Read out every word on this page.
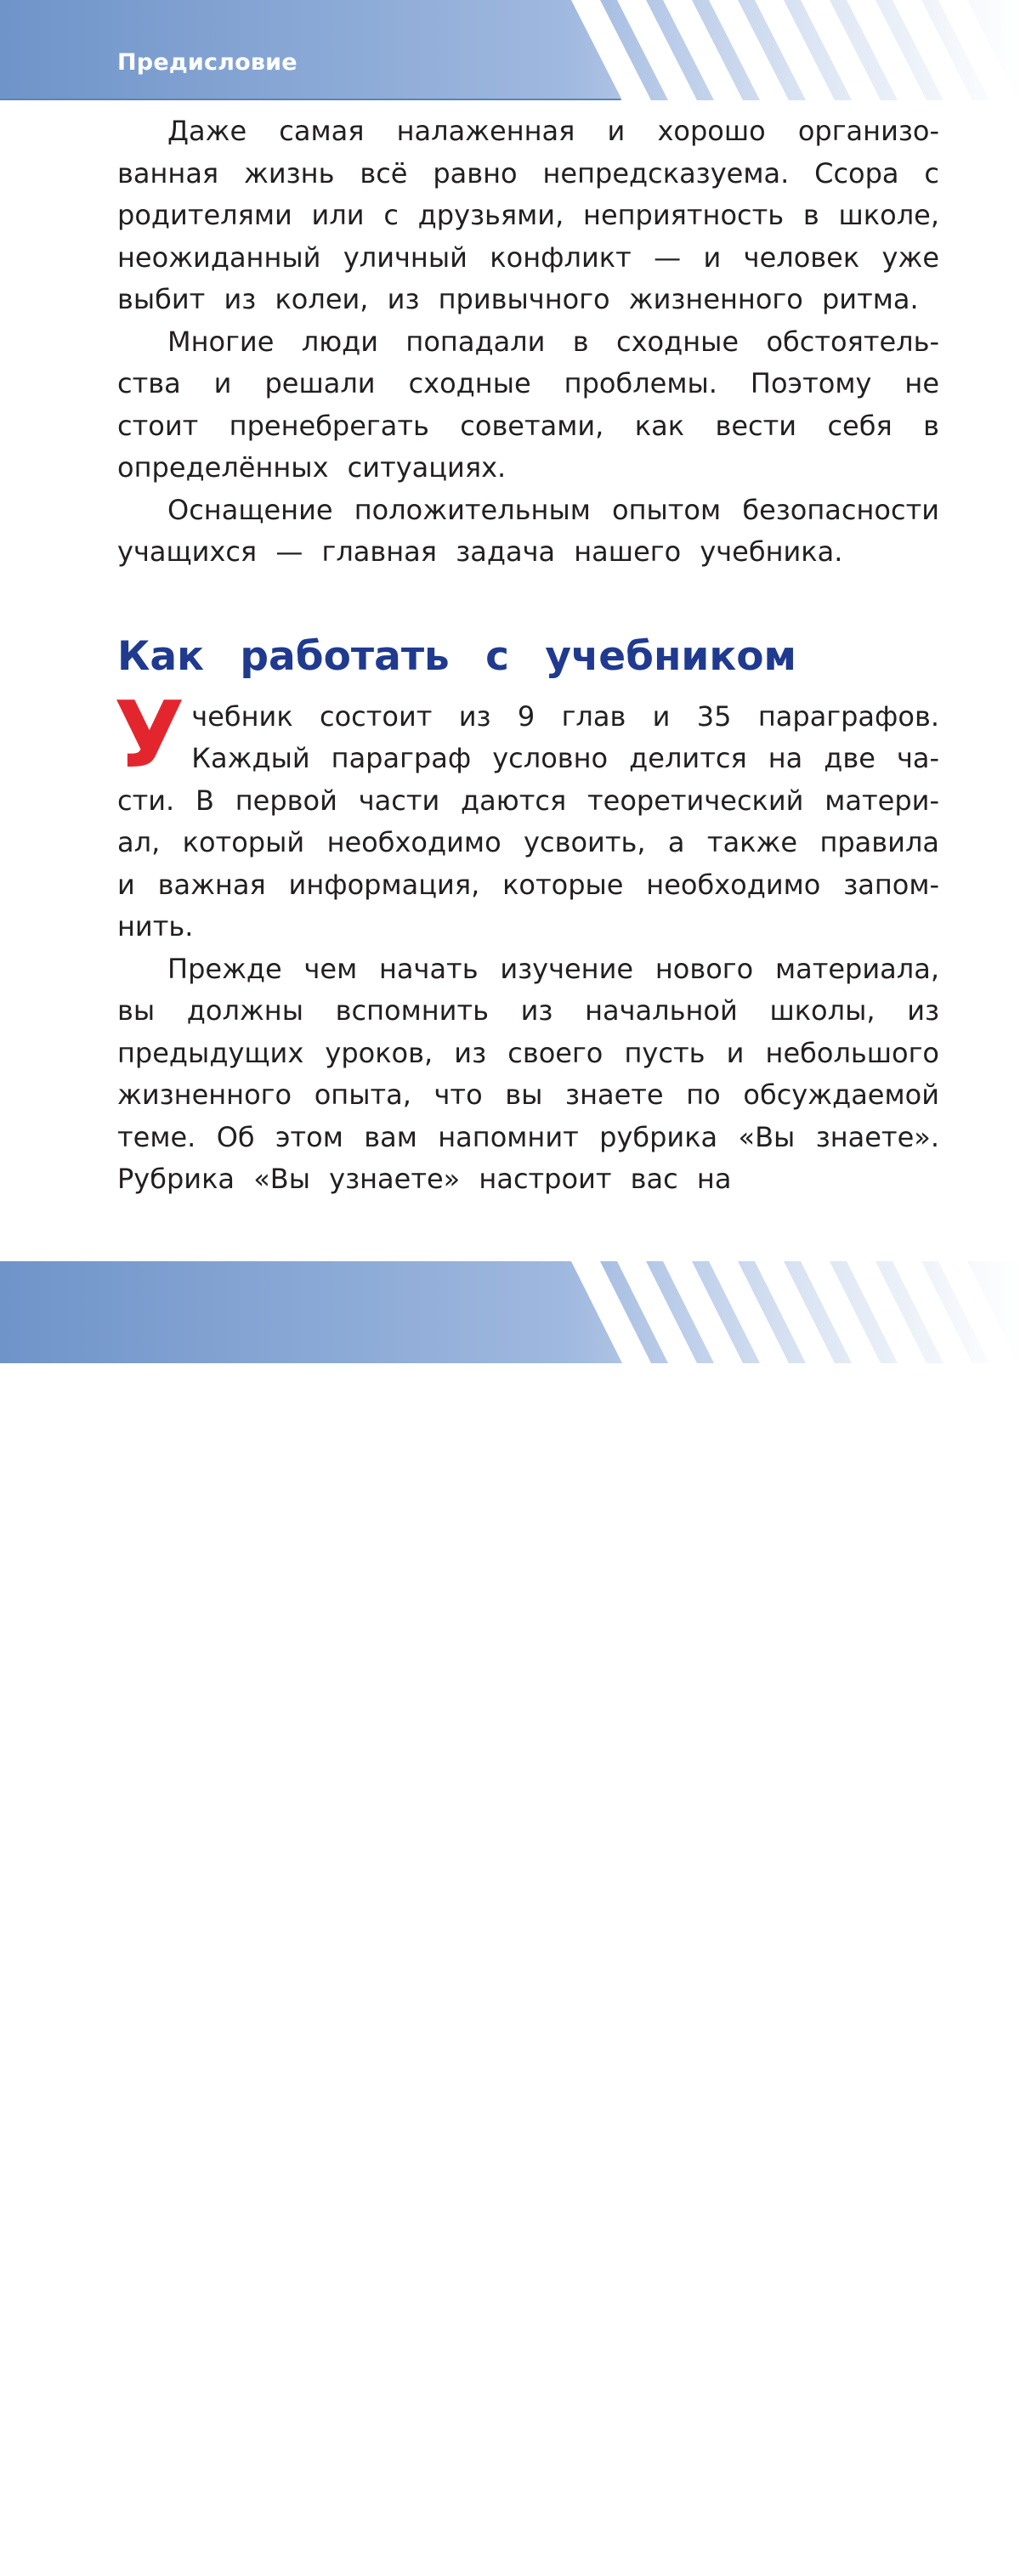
Предисловие

Даже самая налаженная и хорошо организованная жизнь всё равно непредсказуема. Ссора с родителями или с друзьями, неприятность в школе, неожиданный уличный конфликт — и человек уже выбит из колеи, из привычного жизненного ритма.

Многие люди попадали в сходные обстоятельства и решали сходные проблемы. Поэтому не стоит пренебрегать советами, как вести себя в определённых ситуациях.

Оснащение положительным опытом безопасности учащихся — главная задача нашего учебника.

Как работать с учебником

Учебник состоит из 9 глав и 35 параграфов. Каждый параграф условно делится на две части. В первой части даются теоретический материал, который необходимо усвоить, а также правила и важная информация, которые необходимо запомнить.

Прежде чем начать изучение нового материала, вы должны вспомнить из начальной школы, из предыдущих уроков, из своего пусть и небольшого жизненного опыта, что вы знаете по обсуждаемой теме. Об этом вам напомнит рубрика «Вы знаете». Рубрика «Вы узнаете» настроит вас на

4
